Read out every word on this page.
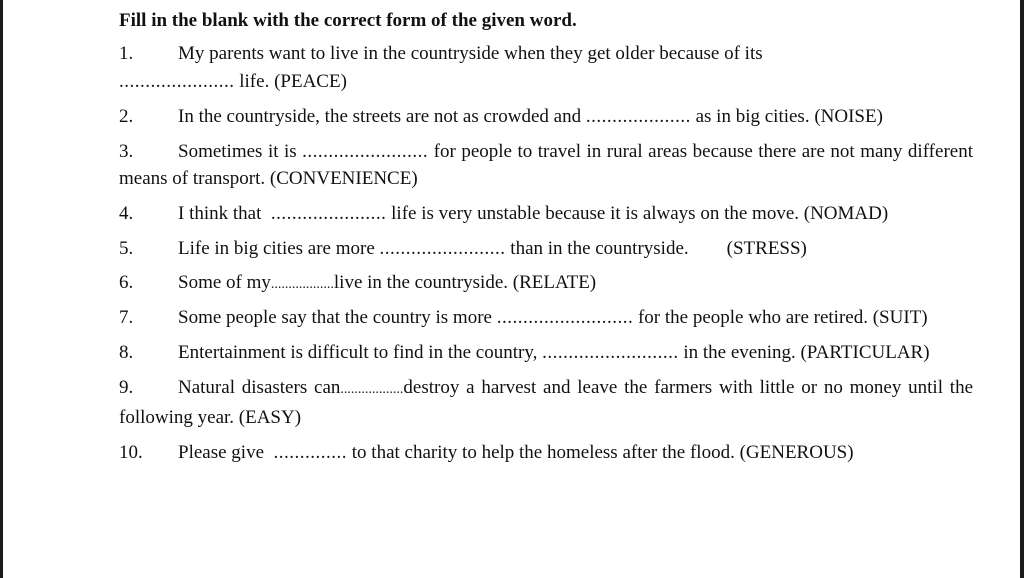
Fill in the blank with the correct form of the given word.
1. My parents want to live in the countryside when they get older because of its
...................... life. (PEACE)
2. In the countryside, the streets are not as crowded and .................... as in big cities. (NOISE)
3. Sometimes it is ........................ for people to travel in rural areas because there are not many different means of transport. (CONVENIENCE)
4. I think that  ...................... life is very unstable because it is always on the move. (NOMAD)
5. Life in big cities are more ........................ than in the countryside.        (STRESS)
6. Some of my..................live in the countryside. (RELATE)
7. Some people say that the country is more .......................... for the people who are retired. (SUIT)
8. Entertainment is difficult to find in the country, .......................... in the evening. (PARTICULAR)
9. Natural disasters can..................destroy a harvest and leave the farmers with little or no money until the following year. (EASY)
10. Please give  .............. to that charity to help the homeless after the flood. (GENEROUS)
